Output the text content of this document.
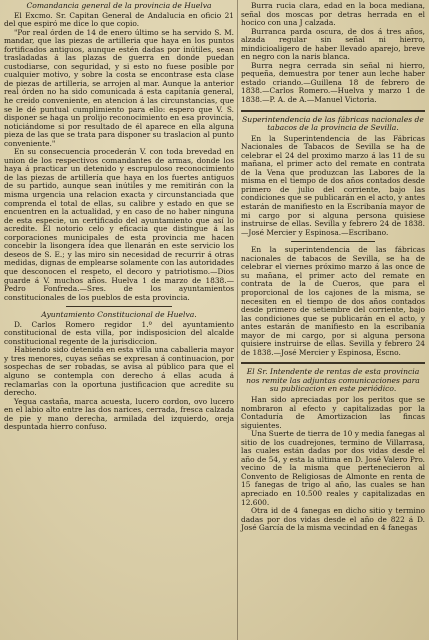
Comandancia general de la provincia de Huelva

El Excmo. Sr. Capitan General de Andalucia en oficio 21 del que espiró me dice lo que copio.

"Por real órden de 14 de enero último se ha servido S. M. mandar, que las piezas de artilleria que haya en los puntos fortificados antiguos, aunque estén dadas por inútiles, sean trasladadas á las plazas de guerra en donde puedan custodiarse, con seguridad, y si esto no fuese posible por cualquier motivo, y sobre la costa se encontrase esta clase de piezas de artilleria, se arrojen al mar. Aunque la anterior real órden no ha sido comunicada á esta capitanía general, he creido conveniente, en atencion á las circunstancias, que se le dé puntual cumplimiento para ello: espero que V. S. disponer se haga un prolijo reconocimiento en esa provincia, noticiándome si por resultado de él aparece en ella alguna pieza de las que se trata para disponer su traslacion al punto conveniente."

En su consecuencia procederán V. con toda brevedad en union de los respectivos comandantes de armas, donde los haya á practicar un detenido y escrupuloso reconocimiento de las piezas de artillería que haya en los fuertes antiguos de su partido, aunque sean inútiles y me remitirán con la misma urgencia una relacion exacta y circunstanciada que comprenda el total de ellas, su calibre y estado en que se encuentren en la actualidad, y en caso de no haber ninguna de esta especie, un certificado del ayuntamiento que así lo acredite. El notorio celo y eficacia que distingue á las corporaciones municipales de esta provincia me hacen concebir la lisongera idea que llenarán en este servicio los deseos de S. E.; y las miro sin necesidad de recurrir á otras medidas, dignas de emplearse solamente con las autoridades que desconocen el respeto, el decoro y patriotismo.—Dios guarde á V. muchos años. Huelva 1 de marzo de 1838.—Pedro Fonfreda.—Sres. de los ayuntamientos constitucionales de los pueblos de esta provincia.

Ayuntamiento Constitucional de Huelva.

D. Carlos Romero regidor 1.º del ayuntamiento constitucional de esta villa, por indisposicion del alcalde constitucional regente de la jurisdiccion.

Habiendo sido detenida en esta villa una caballeria mayor y tres menores, cuyas señas se expresan á continuacion, por sospechas de ser robadas, se avisa al público para que el alguno se contempla con derecho á ellas acuda á reclamarlas con la oportuna justificacion que acredite su derecho.

Yegua castaña, marca acuesta, lucero cordon, ovo lucero en el labio alto entre las dos narices, cerrada, fresca calzada de pie y mano derecha, armilada del izquierdo, oreja despuntada hierro confuso.

Burra rucia clara, edad en la boca mediana, señal dos moscas por detras herrada en el hocico con una J calzada.

Burranca parda oscura, de dos á tres años, alzada regular sin señal ni hierro, mindicioaligero de haber llevado aparejo, breve en negro con la naris blanca.

Burra negra cerrada sin señal ni hierro, pequeña, demuestra por tener aun leche haber estado criando.—Guillena 18 de febrero de 1838.—Carlos Romero.—Huelva y marzo 1 de 1838.—P. A. de A.—Manuel Victoria.

Superintendencia de las fábricas nacionales de tabacos de la provincia de Sevilla.

En la Superintendencia de las Fábricas Nacionales de Tabacos de Sevilla se ha de celebrar el 24 del proximo marzo á las 11 de su mañana, el primer acto del remate en contrata de la Vena que produzcan las Labores de la misma en el tiempo de dos años contados desde primero de julio del corriente, bajo las condiciones que se publicarán en el acto, y antes estarán de manifiesto en la Escribanía mayor de mi cargo por si alguna persona quisiese instruirse de ellas. Sevilla y febrero 24 de 1838.—José Mercier y Espinosa.—Escribano.

En la superintendencia de las fábricas nacionales de tabacos de Sevilla, se ha de celebrar el viernes próximo marzo á las once de su mañana, el primer acto del remate en contrata de la de Cueros, que para el proporcional de los cajones de la misma, se necesiten en el tiempo de dos años contados desde primero de setiembre del corriente, bajo las condiciones que se publicarán en el acto, y antes estarán de manifiesto en la escribanía mayor de mi cargo, por si alguna persona quisiere instruirse de ellas. Sevilla y febrero 24 de 1838.—José Mercier y Espinosa, Escno.

El Sr. Intendente de rentas de esta provincia nos remite las adjuntas comunicaciones para su publicacion en este periódico.

Han sido apreciadas por los peritos que se nombraron al efecto y capitalizadas por la Contaduría de Amortizacion las fincas siguientes.

Una Suerte de tierra de 10 y media fanegas al sitio de los cuadrejones, termino de Villarrasa, las cuales están dadas por dos vidas desde el año de 54, y esta la ultima en D. José Valero Pro. vecino de la misma que pertenecieron al Convento de Religiosas de Almonte en renta de 15 fanegas de trigo al año, las cuales se han apreciado en 10.500 reales y capitalizadas en 12.600.

Otra id de 4 fanegas en dicho sitio y termino dadas por dos vidas desde el año de 822 á D. José García de la misma vecindad en 4 fanegas
